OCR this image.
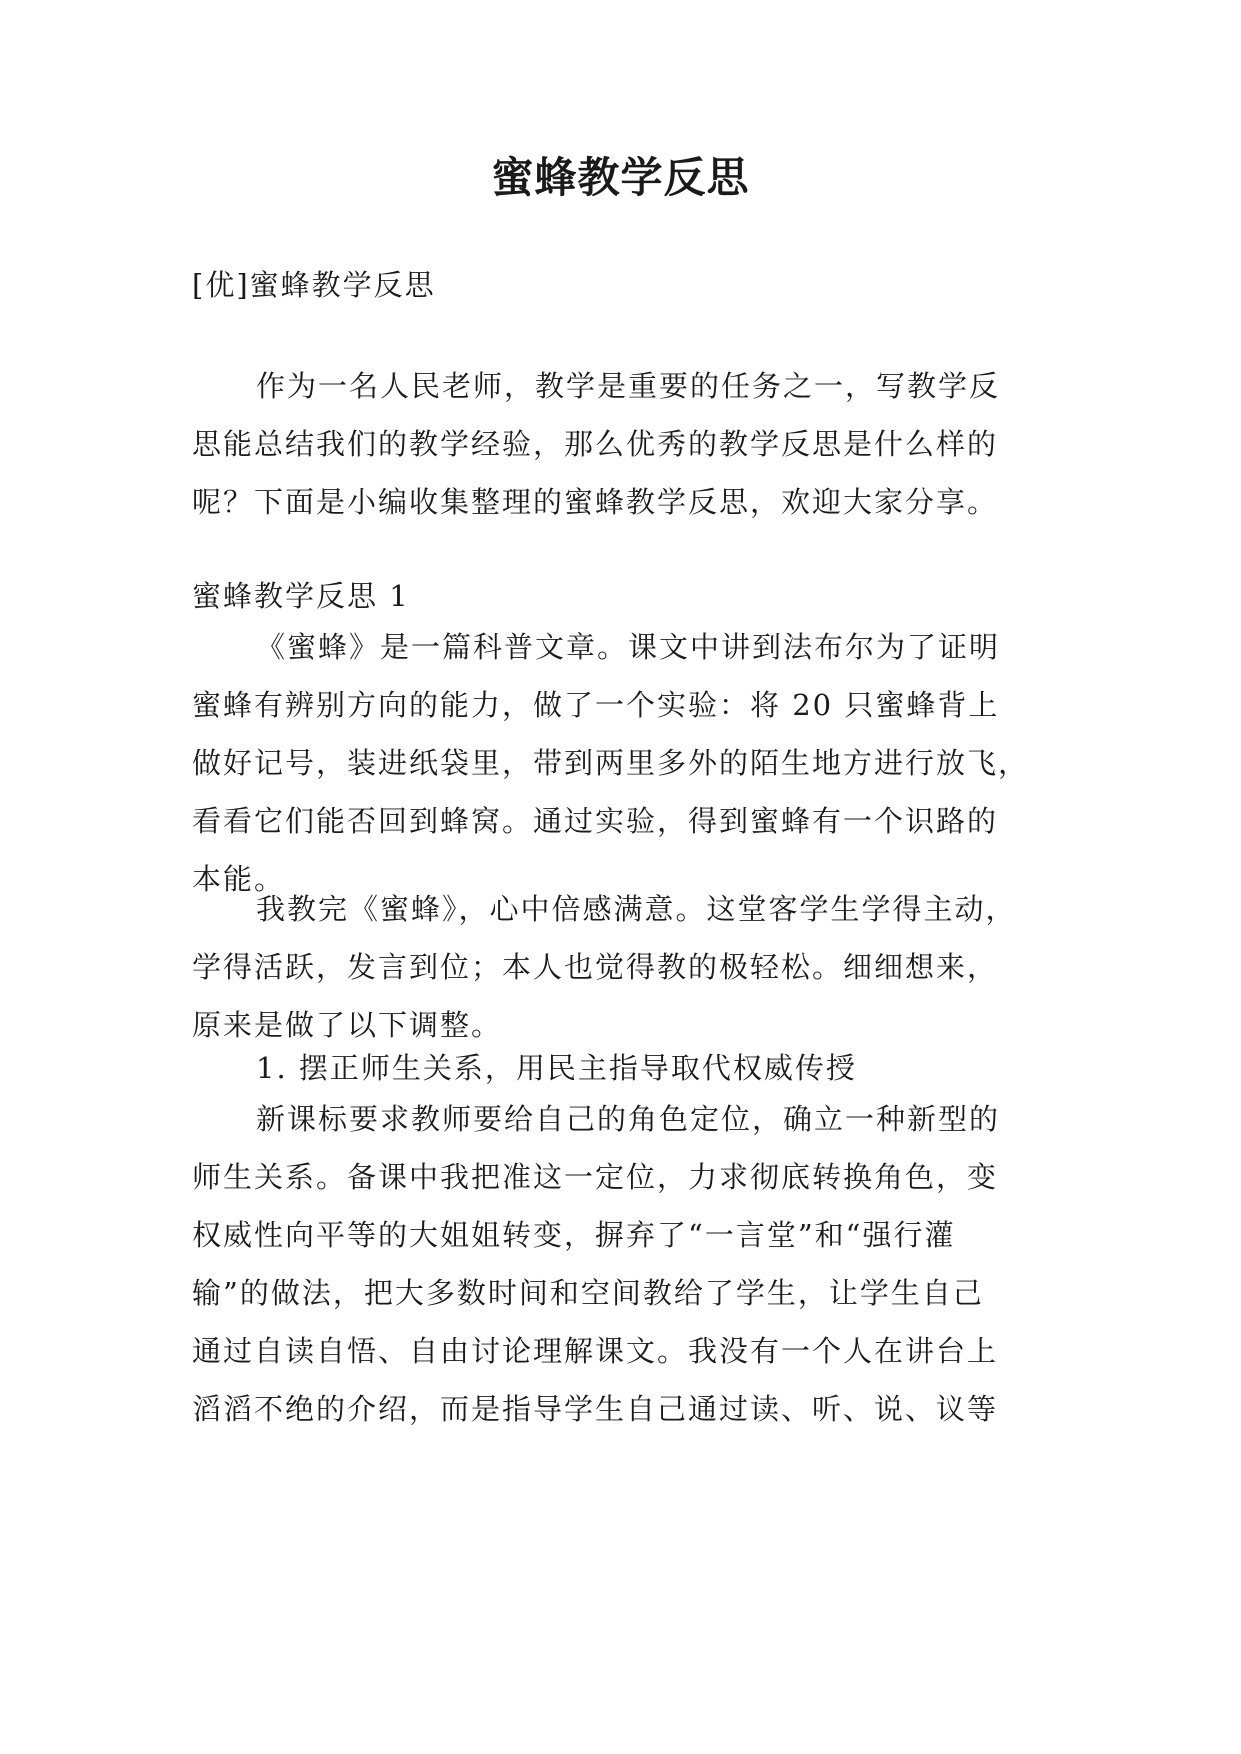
蜜蜂教学反思
[优]蜜蜂教学反思
作为一名人民老师，教学是重要的任务之一，写教学反
思能总结我们的教学经验，那么优秀的教学反思是什么样的
呢？下面是小编收集整理的蜜蜂教学反思，欢迎大家分享。
蜜蜂教学反思 1
《蜜蜂》是一篇科普文章。课文中讲到法布尔为了证明
蜜蜂有辨别方向的能力，做了一个实验：将 20 只蜜蜂背上
做好记号，装进纸袋里，带到两里多外的陌生地方进行放飞，
看看它们能否回到蜂窝。通过实验，得到蜜蜂有一个识路的
本能。
我教完《蜜蜂》，心中倍感满意。这堂客学生学得主动，
学得活跃，发言到位；本人也觉得教的极轻松。细细想来，
原来是做了以下调整。
1. 摆正师生关系，用民主指导取代权威传授
新课标要求教师要给自己的角色定位，确立一种新型的
师生关系。备课中我把准这一定位，力求彻底转换角色，变
权威性向平等的大姐姐转变，摒弃了“一言堂”和“强行灌
输”的做法，把大多数时间和空间教给了学生，让学生自己
通过自读自悟、自由讨论理解课文。我没有一个人在讲台上
滔滔不绝的介绍，而是指导学生自己通过读、听、说、议等
